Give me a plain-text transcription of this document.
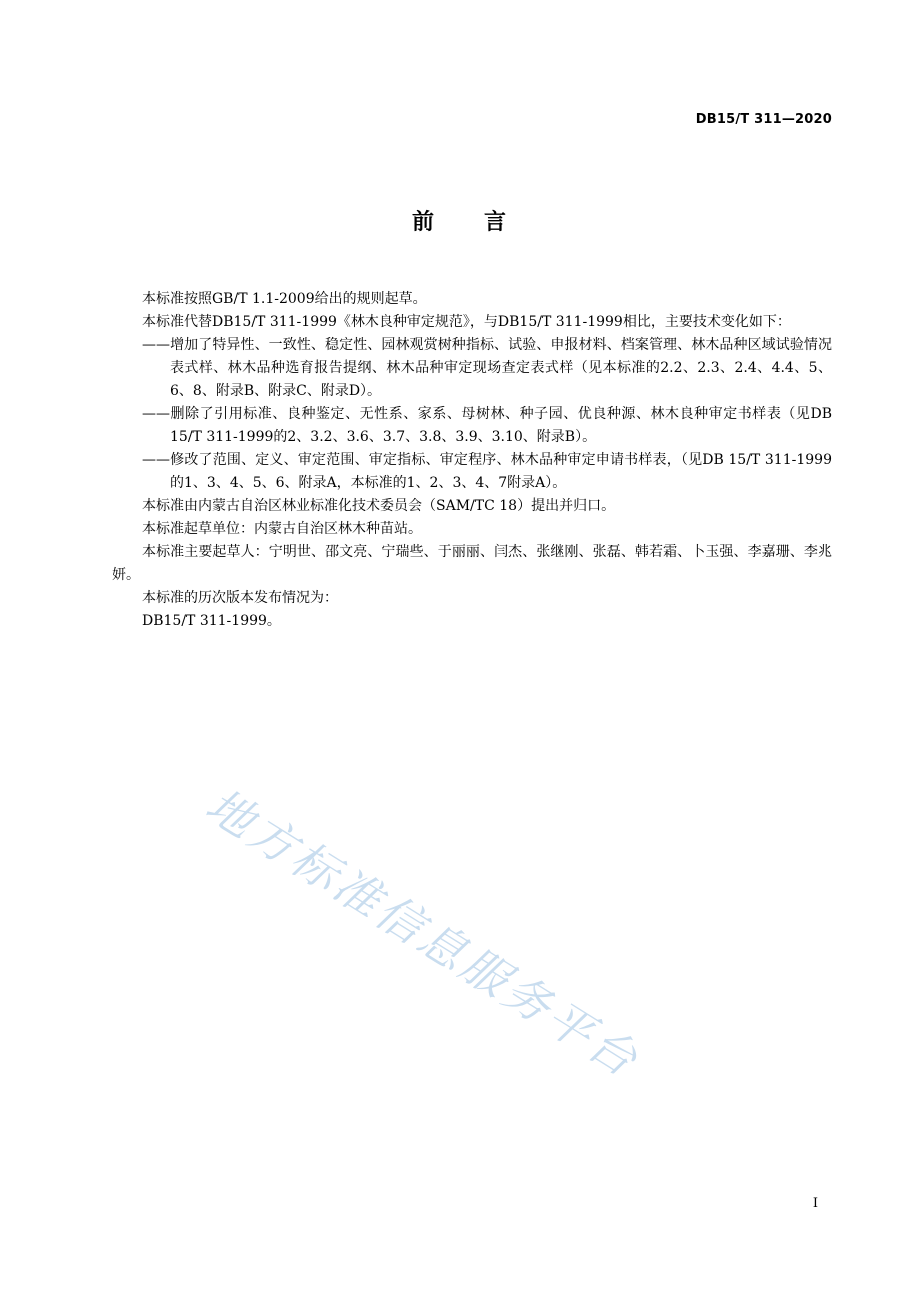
DB15/T 311—2020
前　　言

本标准按照GB/T 1.1-2009给出的规则起草。

本标准代替DB15/T 311-1999《林木良种审定规范》，与DB15/T 311-1999相比，主要技术变化如下：

——增加了特异性、一致性、稳定性、园林观赏树种指标、试验、申报材料、档案管理、林木品种区域试验情况表式样、林木品种选育报告提纲、林木品种审定现场查定表式样（见本标准的2.2、2.3、2.4、4.4、5、6、8、附录B、附录C、附录D）。

——删除了引用标准、良种鉴定、无性系、家系、母树林、种子园、优良种源、林木良种审定书样表（见DB 15/T 311-1999的2、3.2、3.6、3.7、3.8、3.9、3.10、附录B）。

——修改了范围、定义、审定范围、审定指标、审定程序、林木品种审定申请书样表，（见DB 15/T 311-1999的1、3、4、5、6、附录A，本标准的1、2、3、4、7附录A）。

本标准由内蒙古自治区林业标准化技术委员会（SAM/TC 18）提出并归口。

本标准起草单位：内蒙古自治区林木种苗站。

本标准主要起草人：宁明世、邵文亮、宁瑞些、于丽丽、闫杰、张继刚、张磊、韩若霜、卜玉强、李嘉珊、李兆妍。

本标准的历次版本发布情况为：

DB15/T 311-1999。

地方标准信息服务平台
I
